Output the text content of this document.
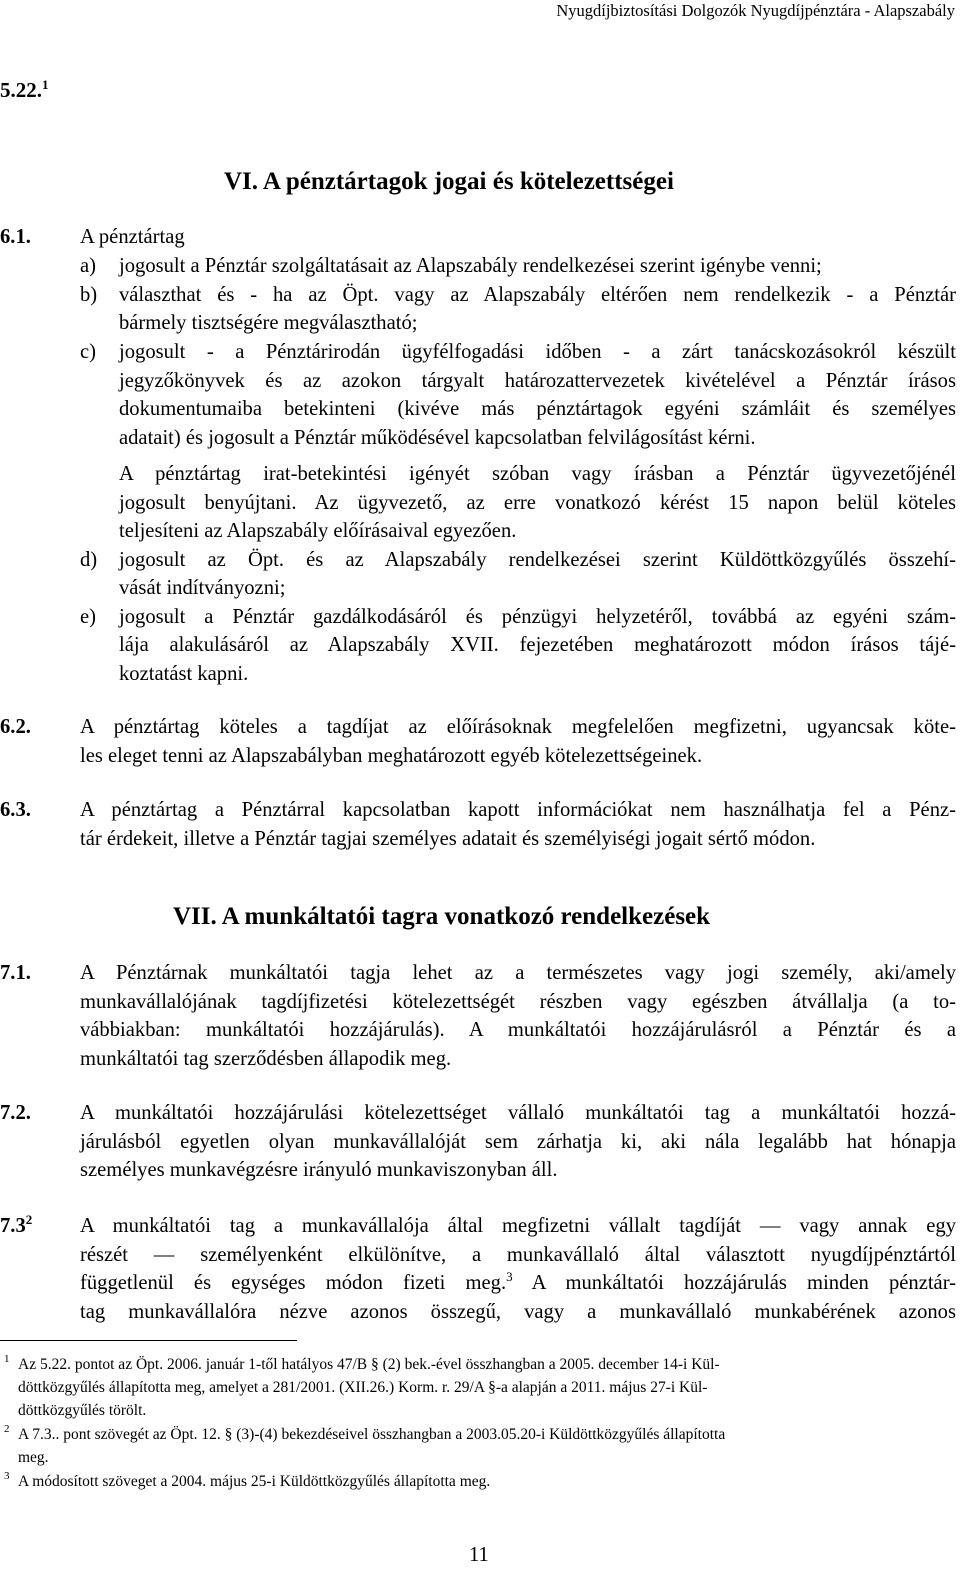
Nyugdíjbiztosítási Dolgozók Nyugdíjpénztára - Alapszabály
5.22.$^1$
VI. A pénztártagok jogai és kötelezettségei
6.1. A pénztártag
a) jogosult a Pénztár szolgáltatásait az Alapszabály rendelkezései szerint igénybe venni;
b) választhat és - ha az Öpt. vagy az Alapszabály eltérően nem rendelkezik - a Pénztár
bármely tisztségére megválasztható;
c) jogosult - a Pénztárirodán ügyfélfogadási időben - a zárt tanácskozásokról készült
jegyzőkönyvek és az azokon tárgyalt határozattervezetek kivételével a Pénztár írásos
dokumentumaiba betekinteni (kivéve más pénztártagok egyéni számláit és személyes
adatait) és jogosult a Pénztár működésével kapcsolatban felvilágosítást kérni.
A pénztártag irat-betekintési igényét szóban vagy írásban a Pénztár ügyvezetőjénél
jogosult benyújtani. Az ügyvezető, az erre vonatkozó kérést 15 napon belül köteles
teljesíteni az Alapszabály előírásaival egyezően.
d) jogosult az Öpt. és az Alapszabály rendelkezései szerint Küldöttközgyűlés összehí-
vását indítványozni;
e) jogosult a Pénztár gazdálkodásáról és pénzügyi helyzetéről, továbbá az egyéni szám-
lája alakulásáról az Alapszabály XVII. fejezetében meghatározott módon írásos tájé-
koztatást kapni.
6.2. A pénztártag köteles a tagdíjat az előírásoknak megfelelően megfizetni, ugyancsak köte-
les eleget tenni az Alapszabályban meghatározott egyéb kötelezettségeinek.
6.3. A pénztártag a Pénztárral kapcsolatban kapott információkat nem használhatja fel a Pénz-
tár érdekeit, illetve a Pénztár tagjai személyes adatait és személyiségi jogait sértő módon.
VII. A munkáltatói tagra vonatkozó rendelkezések
7.1. A Pénztárnak munkáltatói tagja lehet az a természetes vagy jogi személy, aki/amely
munkavállalójának tagdíjfizetési kötelezettségét részben vagy egészben átvállalja (a to-
vábbiakban: munkáltatói hozzájárulás). A munkáltatói hozzájárulásról a Pénztár és a
munkáltatói tag szerződésben állapodik meg.
7.2. A munkáltatói hozzájárulási kötelezettséget vállaló munkáltatói tag a munkáltatói hozzá-
járulásból egyetlen olyan munkavállalóját sem zárhatja ki, aki nála legalább hat hónapja
személyes munkavégzésre irányuló munkaviszonyban áll.
$7.3^2$ A munkáltatói tag a munkavállalója által megfizetni vállalt tagdíját — vagy annak egy
részét — személyenként elkülönítve, a munkavállaló által választott nyugdíjpénztártól
függetlenül és egységes módon fizeti meg.$^3$ A munkáltatói hozzájárulás minden pénztár-
tag munkavállalóra nézve azonos összegű, vagy a munkavállaló munkabérének azonos
1 Az 5.22. pontot az Öpt. 2006. január 1-től hatályos 47/B § (2) bek.-ével összhangban a 2005. december 14-i Kül-
döttközgyűlés állapította meg, amelyet a 281/2001. (XII.26.) Korm. r. 29/A §-a alapján a 2011. május 27-i Kül-
döttközgyűlés törölt.
2 A 7.3.. pont szövegét az Öpt. 12. § (3)-(4) bekezdéseivel összhangban a 2003.05.20-i Küldöttközgyűlés állapította
meg.
3 A módosított szöveget a 2004. május 25-i Küldöttközgyűlés állapította meg.
11
